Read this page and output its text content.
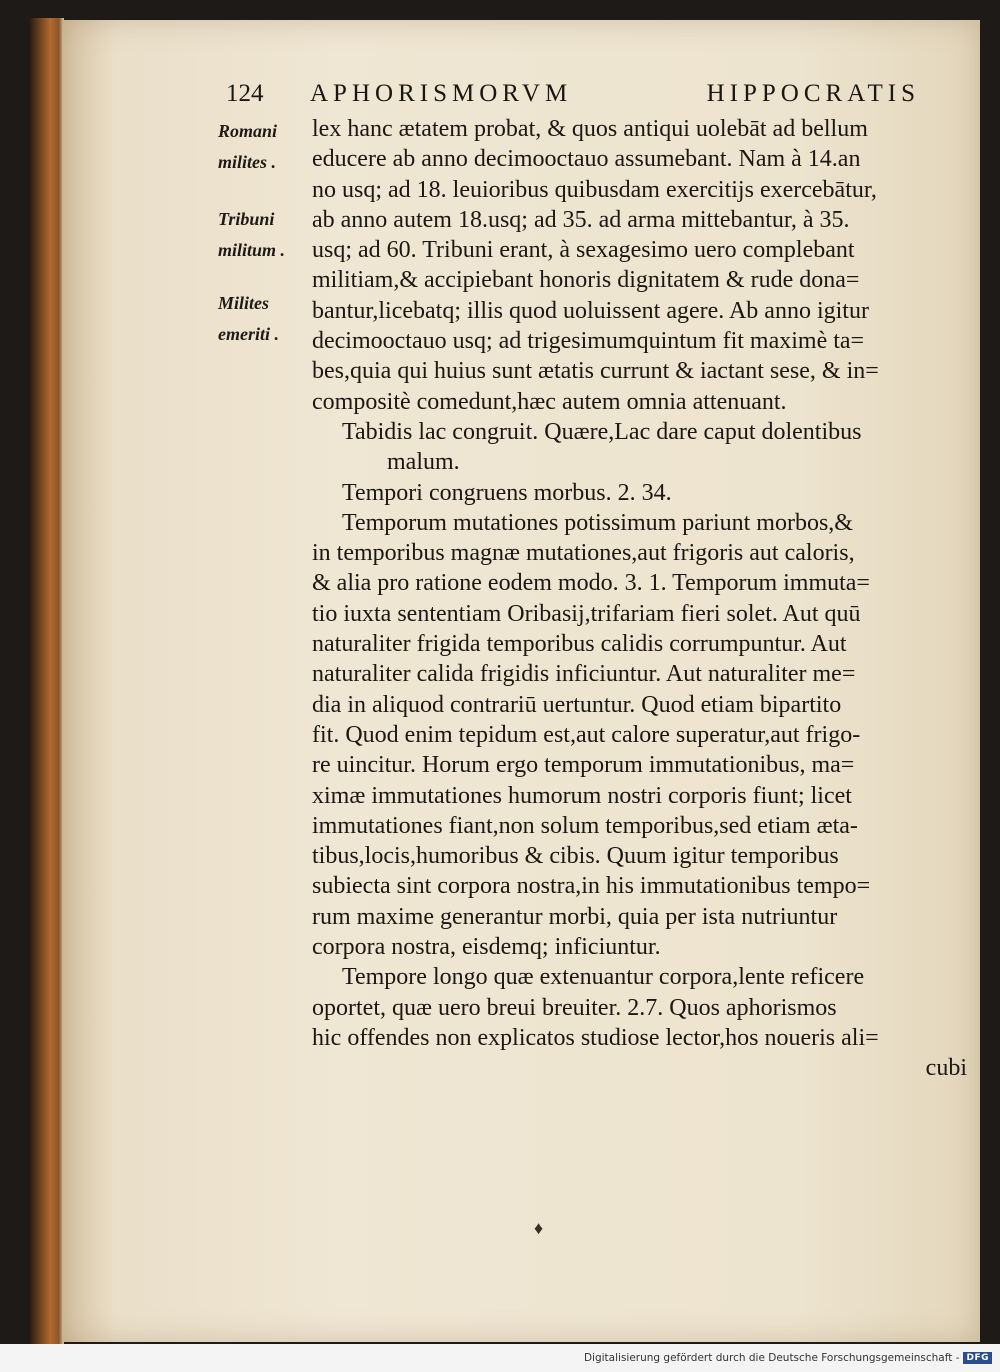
124 APHORISMORVM	HIPPOCRATIS
Romani
milites .
Tribuni
militum .
Milites
emeriti .
lex hanc ætatem probat, & quos antiqui uolebāt ad bellum
educere ab anno decimooctauo assumebant. Nam à 14.an
no usq; ad 18. leuioribus quibusdam exercitijs exercebātur,
ab anno autem 18.usq; ad 35. ad arma mittebantur, à 35.
usq; ad 60. Tribuni erant, à sexagesimo uero complebant
militiam,& accipiebant honoris dignitatem & rude dona=
bantur,licebatq; illis quod uoluissent agere. Ab anno igitur
decimooctauo usq; ad trigesimumquintum fit maximè ta=
bes,quia qui huius sunt ætatis currunt & iactant sese, & in=
compositè comedunt,hæc autem omnia attenuant.
Tabidis lac congruit. Quære,Lac dare caput dolentibus
malum.
Tempori congruens morbus. 2. 34.
Temporum mutationes potissimum pariunt morbos,&
in temporibus magnæ mutationes,aut frigoris aut caloris,
& alia pro ratione eodem modo. 3. 1. Temporum immuta=
tio iuxta sententiam Oribasij,trifariam fieri solet. Aut quū
naturaliter frigida temporibus calidis corrumpuntur. Aut
naturaliter calida frigidis inficiuntur. Aut naturaliter me=
dia in aliquod contrariū uertuntur. Quod etiam bipartito
fit. Quod enim tepidum est,aut calore superatur,aut frigo-
re uincitur. Horum ergo temporum immutationibus, ma=
ximæ immutationes humorum nostri corporis fiunt; licet
immutationes fiant,non solum temporibus,sed etiam æta-
tibus,locis,humoribus & cibis. Quum igitur temporibus
subiecta sint corpora nostra,in his immutationibus tempo=
rum maxime generantur morbi, quia per ista nutriuntur
corpora nostra, eisdemq; inficiuntur.
Tempore longo quæ extenuantur corpora,lente reficere
oportet, quæ uero breui breuiter. 2.7. Quos aphorismos
hic offendes non explicatos studiose lector,hos noueris ali=
cubi
♦
Digitalisierung gefördert durch die Deutsche Forschungsgemeinschaft - DFG
